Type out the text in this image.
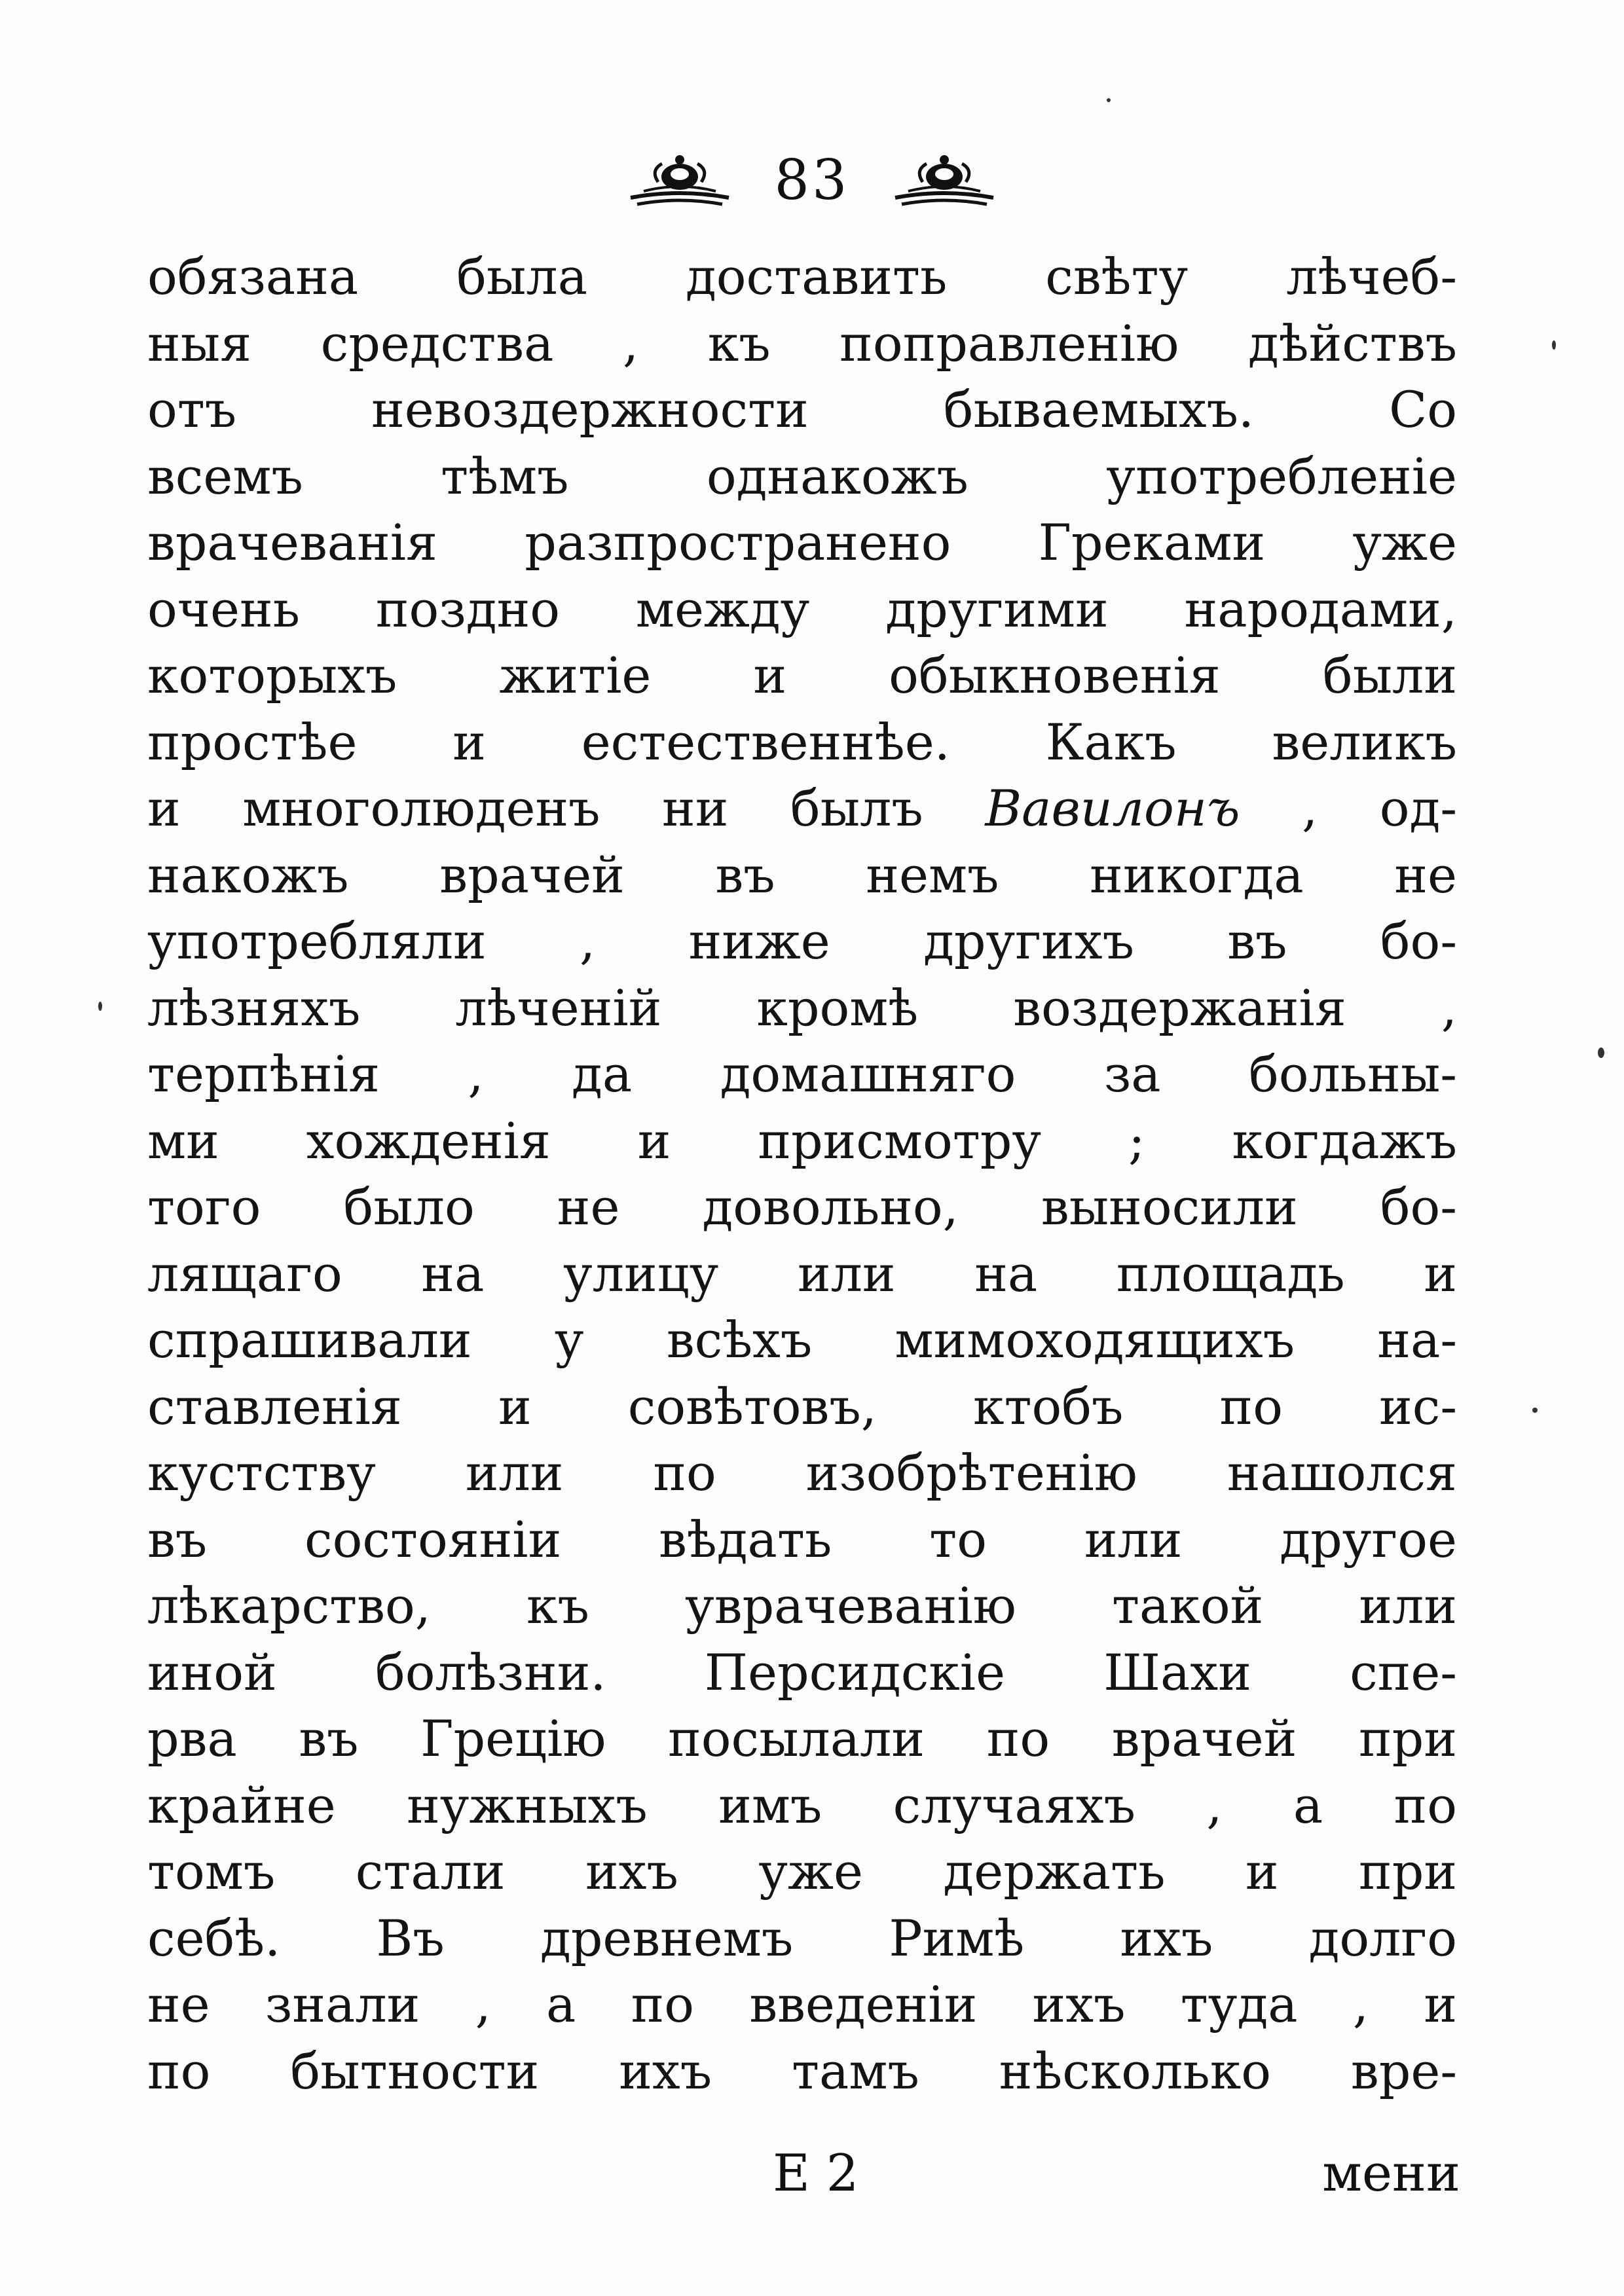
83
обязана была доставить свѣту лѣчеб-
ныя средства , къ поправленію дѣйствъ
отъ невоздержности бываемыхъ. Со
всемъ тѣмъ однакожъ употребленіе
врачеванія разпространено Греками уже
очень поздно между другими народами,
которыхъ житіе и обыкновенія были
простѣе и естественнѣе. Какъ великъ
и многолюденъ ни былъ Вавилонъ , од-
накожъ врачей въ немъ никогда не
употребляли , ниже другихъ въ бо-
лѣзняхъ лѣченій кромѣ воздержанія ,
терпѣнія , да домашняго за больны-
ми хожденія и присмотру ; когдажъ
того было не довольно, выносили бо-
лящаго на улицу или на площадь и
спрашивали у всѣхъ мимоходящихъ на-
ставленія и совѣтовъ, ктобъ по ис-
кустству или по изобрѣтенію нашолся
въ состояніи вѣдать то или другое
лѣкарство, къ уврачеванію такой или
иной болѣзни. Персидскіе Шахи спе-
рва въ Грецію посылали по врачей при
крайне нужныхъ имъ случаяхъ , а по
томъ стали ихъ уже держать и при
себѣ. Въ древнемъ Римѣ ихъ долго
не знали , а по введеніи ихъ туда , и
по бытности ихъ тамъ нѣсколько вре-
Е 2	мени
